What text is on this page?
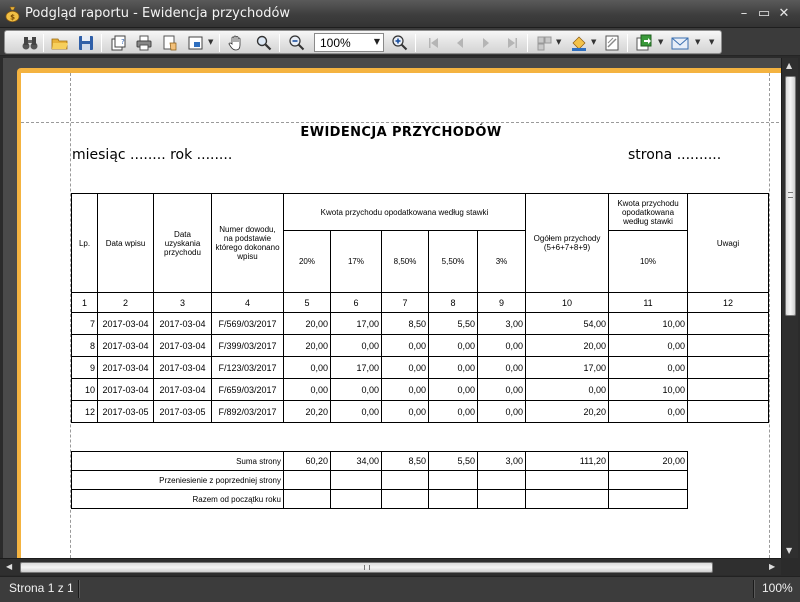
$ Podgląd raportu - Ewidencja przychodów	– ▭ ✕
?	▼	100%	▼	▼	▼	▼	▼ ▼
EWIDENCJA PRZYCHODÓW
miesiąc ........ rok ........	strona ..........
Lp.	Data wpisu	Data uzyskania przychodu	Numer dowodu, na podstawie którego dokonano wpisu	Kwota przychodu opodatkowana według stawki					Ogółem przychody (5+6+7+8+9)	Kwota przychodu opodatkowana według stawki	Uwagi
				20%	17%	8,50%	5,50%	3%		10%	
1	2	3	4	5	6	7	8	9	10	11	12
7	2017-03-04	2017-03-04	F/569/03/2017	20,00	17,00	8,50	5,50	3,00	54,00	10,00	
8	2017-03-04	2017-03-04	F/399/03/2017	20,00	0,00	0,00	0,00	0,00	20,00	0,00	
9	2017-03-04	2017-03-04	F/123/03/2017	0,00	17,00	0,00	0,00	0,00	17,00	0,00	
10	2017-03-04	2017-03-04	F/659/03/2017	0,00	0,00	0,00	0,00	0,00	0,00	10,00	
12	2017-03-05	2017-03-05	F/892/03/2017	20,20	0,00	0,00	0,00	0,00	20,20	0,00	
Suma strony	60,20	34,00	8,50	5,50	3,00	111,20	20,00
Przeniesienie z poprzedniej strony							
Razem od początku roku							
▲
▼
◀	▶
Strona 1 z 1	100%
